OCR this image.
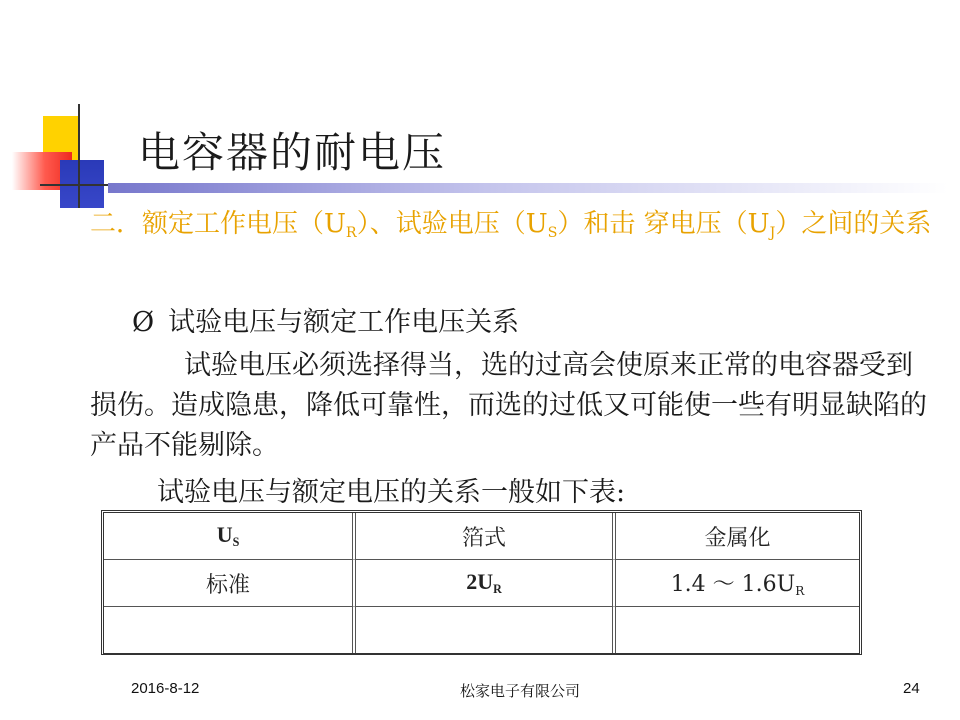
电容器的耐电压
二．额定工作电压$(U_R)$、试验电压$(U_S)$和击 穿电压$(U_J)$之间的关系
Ø 试验电压与额定工作电压关系
试验电压必须选择得当，选的过高会使原来正常的电容器受到损伤。造成隐患，降低可靠性，而选的过低又可能使一些有明显缺陷的产品不能剔除。
试验电压与额定电压的关系一般如下表:
$U_S$	箔式	金属化
标准	$2U_R$	1.4 ～ $1.6U_R$

2016-8-12	松家电子有限公司	24
